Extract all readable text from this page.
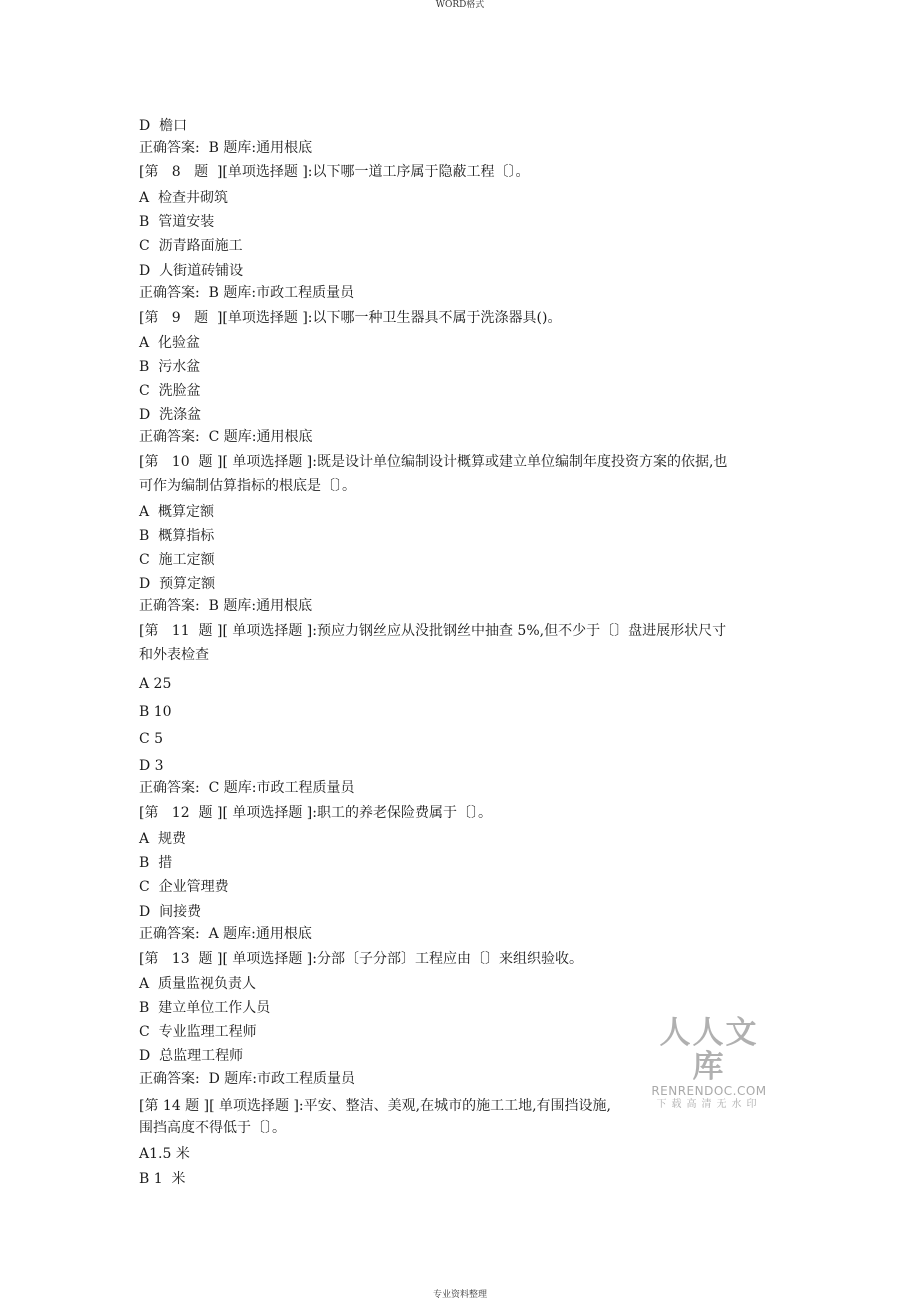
WORD格式
D  檐口
正确答案:  B 题库:通用根底
[第   8   题  ][单项选择题 ]:以下哪一道工序属于隐蔽工程〔〕。
A  检查井砌筑
B  管道安装
C  沥青路面施工
D  人街道砖铺设
正确答案:  B 题库:市政工程质量员
[第   9   题  ][单项选择题 ]:以下哪一种卫生器具不属于洗涤器具()。
A  化验盆
B  污水盆
C  洗脸盆
D  洗涤盆
正确答案:  C 题库:通用根底
[第   10  题 ][ 单项选择题 ]:既是设计单位编制设计概算或建立单位编制年度投资方案的依据,也
可作为编制估算指标的根底是〔〕。
A  概算定额
B  概算指标
C  施工定额
D  预算定额
正确答案:  B 题库:通用根底
[第   11  题 ][ 单项选择题 ]:预应力钢丝应从没批钢丝中抽查 5%,但不少于〔〕盘进展形状尺寸
和外表检查
A 25
B 10
C 5
D 3
正确答案:  C 题库:市政工程质量员
[第   12  题 ][ 单项选择题 ]:职工的养老保险费属于〔〕。
A  规费
B  措
C  企业管理费
D  间接费
正确答案:  A 题库:通用根底
[第   13  题 ][ 单项选择题 ]:分部〔子分部〕工程应由〔〕来组织验收。
A  质量监视负责人
B  建立单位工作人员
C  专业监理工程师
D  总监理工程师
正确答案:  D 题库:市政工程质量员
[第 14 题 ][ 单项选择题 ]:平安、整洁、美观,在城市的施工工地,有围挡设施,
围挡高度不得低于〔〕。
A1.5 米
B 1  米
人人文库
RENRENDOC.COM
下载高清无水印
专业资料整理
